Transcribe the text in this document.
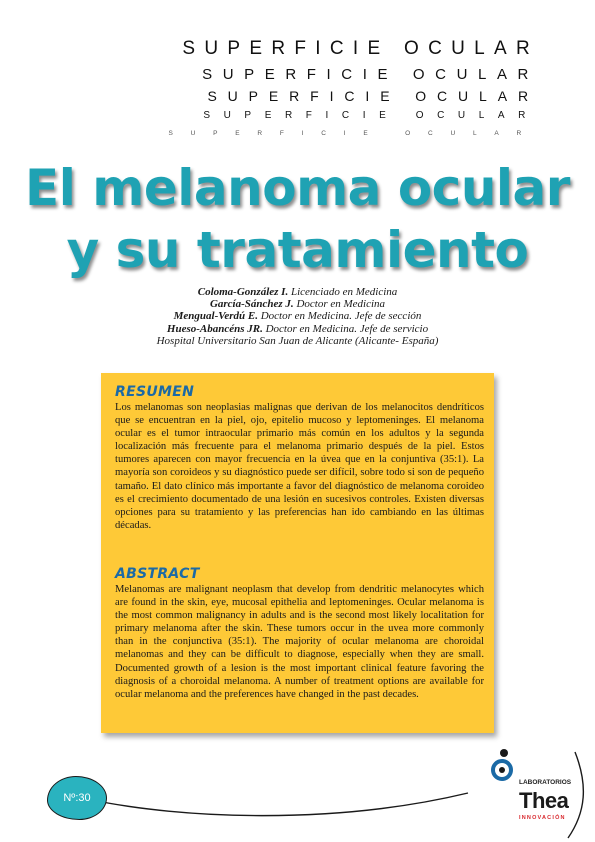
SUPERFICIE OCULAR
SUPERFICIE OCULAR
SUPERFICIE OCULAR
SUPERFICIE OCULAR
SUPERFICIE OCULAR
El melanoma ocular
y su tratamiento
Coloma-González I. Licenciado en Medicina
García-Sánchez J. Doctor en Medicina
Mengual-Verdú E. Doctor en Medicina. Jefe de sección
Hueso-Abancéns JR. Doctor en Medicina. Jefe de servicio
Hospital Universitario San Juan de Alicante (Alicante- España)
RESUMEN

Los melanomas son neoplasias malignas que derivan de los melanocitos dendríticos que se encuentran en la piel, ojo, epitelio mucoso y leptomeninges. El melanoma ocular es el tumor intraocular primario más común en los adultos y la segunda localización más frecuente para el melanoma primario después de la piel. Estos tumores aparecen con mayor frecuencia en la úvea que en la conjuntiva (35:1). La mayoría son coroideos y su diagnóstico puede ser difícil, sobre todo si son de pequeño tamaño. El dato clínico más importante a favor del diagnóstico de melanoma coroideo es el crecimiento documentado de una lesión en sucesivos controles. Existen diversas opciones para su tratamiento y las preferencias han ido cambiando en las últimas décadas.

ABSTRACT

Melanomas are malignant neoplasm that develop from dendritic melanocytes which are found in the skin, eye, mucosal epithelia and leptomeninges. Ocular melanoma is the most common malignancy in adults and is the second most likely localitation for primary melanoma after the skin. These tumors occur in the uvea more commonly than in the conjunctiva (35:1). The majority of ocular melanoma are choroidal melanomas and they can be difficult to diagnose, especially when they are small. Documented growth of a lesion is the most important clinical feature favoring the diagnosis of a choroidal melanoma. A number of treatment options are available for ocular melanoma and the preferences have changed in the past decades.

Nº:30
LABORATORIOS
Thea
INNOVACIÓN
